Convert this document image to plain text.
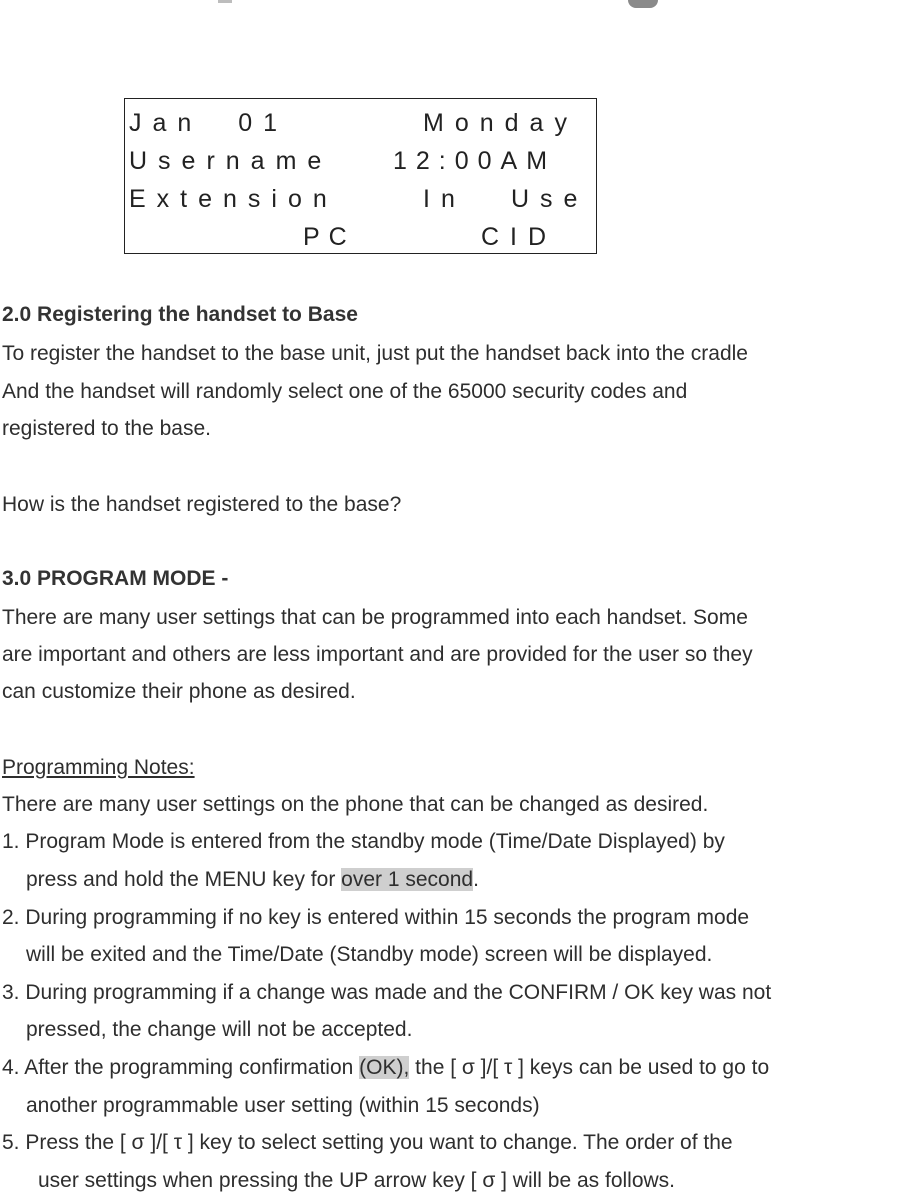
Jan  01	Monday
Username 12:00AM
Extension	In Use
PC	CID
2.0 Registering the handset to Base
To register the handset to the base unit, just put the handset back into the cradle
And the handset will randomly select one of the 65000 security codes and
registered to the base.
How is the handset registered to the base?
3.0 PROGRAM MODE -
There are many user settings that can be programmed into each handset. Some
are important and others are less important and are provided for the user so they
can customize their phone as desired.
Programming Notes:
There are many user settings on the phone that can be changed as desired.
1. Program Mode is entered from the standby mode (Time/Date Displayed) by
press and hold the MENU key for over 1 second.
2. During programming if no key is entered within 15 seconds the program mode
will be exited and the Time/Date (Standby mode) screen will be displayed.
3. During programming if a change was made and the CONFIRM / OK key was not
pressed, the change will not be accepted.
4. After the programming confirmation (OK), the [ σ ]/[ τ ] keys can be used to go to
another programmable user setting (within 15 seconds)
5. Press the [ σ ]/[ τ ] key to select setting you want to change. The order of the
user settings when pressing the UP arrow key [ σ ] will be as follows.
